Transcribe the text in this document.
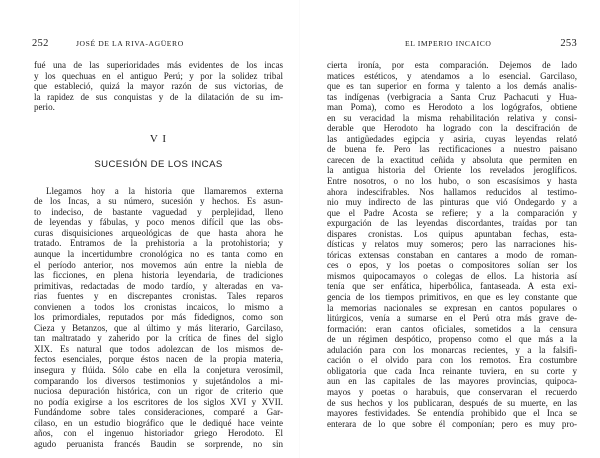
252	JOSÉ DE LA RIVA-AGÜERO
fué una de las superioridades más evidentes de los incas
y los quechuas en el antiguo Perú; y por la solidez tribal
que estableció, quizá la mayor razón de sus victorias, de
la rapidez de sus conquistas y de la dilatación de su im-
perio.
V I
SUCESIÓN DE LOS INCAS
Llegamos hoy a la historia que llamaremos externa
de los Incas, a su número, sucesión y hechos. Es asun-
to indeciso, de bastante vaguedad y perplejidad, lleno
de leyendas y fábulas, y poco menos difícil que las obs-
curas disquisiciones arqueológicas de que hasta ahora he
tratado. Entramos de la prehistoria a la protohistoria; y
aunque la incertidumbre cronológica no es tanta como en
el período anterior, nos movemos aún entre la niebla de
las ficciones, en plena historia leyendaria, de tradiciones
primitivas, redactadas de modo tardío, y alteradas en va-
rias fuentes y en discrepantes cronistas. Tales reparos
convienen a todos los cronistas incaicos, lo mismo a
los primordiales, reputados por más fidedignos, como son
Cieza y Betanzos, que al último y más literario, Garcilaso,
tan maltratado y zaherido por la crítica de fines del siglo
XIX. Es natural que todos adolezcan de los mismos de-
fectos esenciales, porque éstos nacen de la propia materia,
insegura y flúida. Sólo cabe en ella la conjetura verosímil,
comparando los diversos testimonios y sujetándolos a mi-
nuciosa depuración histórica, con un rigor de criterio que
no podía exigirse a los escritores de los siglos XVI y XVII.
Fundándome sobre tales consideraciones, comparé a Gar-
cilaso, en un estudio biográfico que le dediqué hace veinte
años, con el ingenuo historiador griego Herodoto. El
agudo peruanista francés Baudin se sorprende, no sin
EL IMPERIO INCAICO	253
cierta ironía, por esta comparación. Dejemos de lado
matices estéticos, y atendamos a lo esencial. Garcilaso,
que es tan superior en forma y talento a los demás analis-
tas indígenas (verbigracia a Santa Cruz Pachacuti y Hua-
man Poma), como es Herodoto a los logógrafos, obtiene
en su veracidad la misma rehabilitación relativa y consi-
derable que Herodoto ha logrado con la descifración de
las antigüedades egipcia y asiria, cuyas leyendas relató
de buena fe. Pero las rectificaciones a nuestro paisano
carecen de la exactitud ceñida y absoluta que permiten en
la antigua historia del Oriente los revelados jeroglíficos.
Entre nosotros, o no los hubo, o son escasísimos y hasta
ahora indescifrables. Nos hallamos reducidos al testimo-
nio muy indirecto de las pinturas que vió Ondegardo y a
que el Padre Acosta se refiere; y a la comparación y
expurgación de las leyendas discordantes, traídas por tan
dispares cronistas. Los quipus apuntaban fechas, esta-
dísticas y relatos muy someros; pero las narraciones his-
tóricas extensas constaban en cantares a modo de roman-
ces o epos, y los poetas o compositores solían ser los
mismos quipocamayos o colegas de ellos. La historia así
tenía que ser enfática, hiperbólica, fantaseada. A esta exi-
gencia de los tiempos primitivos, en que es ley constante que
la memorias nacionales se expresan en cantos populares o
litúrgicos, venía a sumarse en el Perú otra más grave de-
formación: eran cantos oficiales, sometidos a la censura
de un régimen despótico, propenso como el que más a la
adulación para con los monarcas recientes, y a la falsifi-
cación o el olvido para con los remotos. Era costumbre
obligatoria que cada Inca reinante tuviera, en su corte y
aun en las capitales de las mayores provincias, quipoca-
mayos y poetas o harabuis, que conservaran el recuerdo
de sus hechos y los publicaran, después de su muerte, en las
mayores festividades. Se entendía prohibido que el Inca se
enterara de lo que sobre él componían; pero es muy pro-
